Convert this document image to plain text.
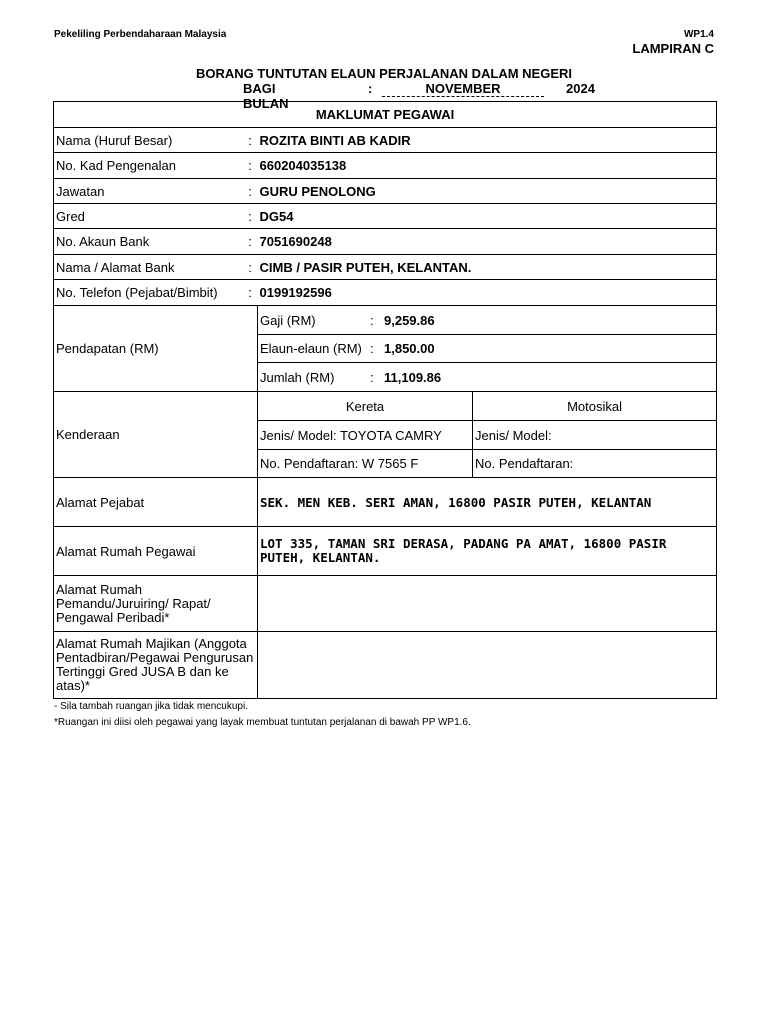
Pekeliling Perbendaharaan Malaysia	WP1.4
LAMPIRAN C
BORANG TUNTUTAN ELAUN PERJALANAN DALAM NEGERI
BAGI BULAN
:	NOVEMBER	2024
MAKLUMAT PEGAWAI			
Nama (Huruf Besar)	:	ROZITA BINTI AB KADIR	
No. Kad Pengenalan	:	660204035138	
Jawatan	:	GURU PENOLONG	
Gred	:	DG54	
No. Akaun Bank	:	7051690248	
Nama / Alamat Bank	:	CIMB / PASIR PUTEH, KELANTAN.	
No. Telefon (Pejabat/Bimbit)	:	0199192596	
Pendapatan (RM)		Gaji (RM) : 9,259.86	
		Elaun-elaun (RM) : 1,850.00	
		Jumlah (RM) : 11,109.86	
Kenderaan		Kereta	Motosikal
		Jenis/ Model: TOYOTA CAMRY	Jenis/ Model:
		No. Pendaftaran: W 7565 F	No. Pendaftaran:
Alamat Pejabat		SEK. MEN KEB. SERI AMAN, 16800 PASIR PUTEH, KELANTAN	
Alamat Rumah Pegawai		LOT 335, TAMAN SRI DERASA, PADANG PA AMAT, 16800 PASIR PUTEH, KELANTAN.	
Alamat Rumah Pemandu/Juruiring/ Rapat/ Pengawal Peribadi*			
Alamat Rumah Majikan (Anggota Pentadbiran/Pegawai Pengurusan Tertinggi Gred JUSA B dan ke atas)*			
- Sila tambah ruangan jika tidak mencukupi.
*Ruangan ini diisi oleh pegawai yang layak membuat tuntutan perjalanan di bawah PP WP1.6.
